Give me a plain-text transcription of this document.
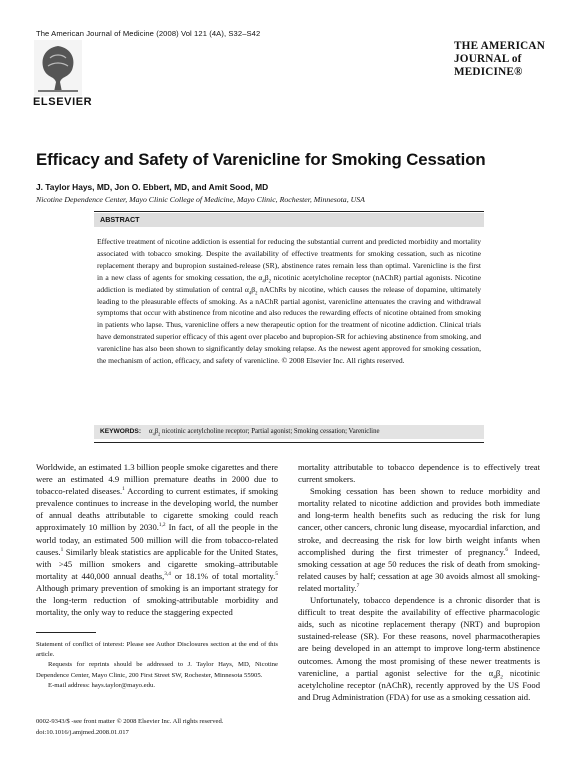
The American Journal of Medicine (2008) Vol 121 (4A), S32–S42
ELSEVIER
THE AMERICAN
JOURNAL of
MEDICINE®
Efficacy and Safety of Varenicline for Smoking Cessation
J. Taylor Hays, MD, Jon O. Ebbert, MD, and Amit Sood, MD
Nicotine Dependence Center, Mayo Clinic College of Medicine, Mayo Clinic, Rochester, Minnesota, USA
ABSTRACT
Effective treatment of nicotine addiction is essential for reducing the substantial current and predicted morbidity and mortality associated with tobacco smoking. Despite the availability of effective treatments for smoking cessation, such as nicotine replacement therapy and bupropion sustained-release (SR), abstinence rates remain less than optimal. Varenicline is the first in a new class of agents for smoking cessation, the $\alpha_4\beta_2$ nicotinic acetylcholine receptor (nAChR) partial agonists. Nicotine addiction is mediated by stimulation of central $\alpha_4\beta_2$ nAChRs by nicotine, which causes the release of dopamine, ultimately leading to the pleasurable effects of smoking. As a nAChR partial agonist, varenicline attenuates the craving and withdrawal symptoms that occur with abstinence from nicotine and also reduces the rewarding effects of nicotine obtained from smoking in patients who lapse. Thus, varenicline offers a new therapeutic option for the treatment of nicotine addiction. Clinical trials have demonstrated superior efficacy of this agent over placebo and bupropion-SR for achieving abstinence from smoking, and varenicline has also been shown to significantly delay smoking relapse. As the newest agent approved for smoking cessation, the mechanism of action, efficacy, and safety of varenicline. © 2008 Elsevier Inc. All rights reserved.
KEYWORDS: $\alpha_4\beta_2$ nicotinic acetylcholine receptor; Partial agonist; Smoking cessation; Varenicline

Worldwide, an estimated 1.3 billion people smoke cigarettes and there were an estimated 4.9 million premature deaths in 2000 due to tobacco-related diseases.$^1$ According to current estimates, if smoking prevalence continues to increase in the developing world, the number of annual deaths attributable to cigarette smoking could reach approximately 10 million by 2030.$^{1,2}$ In fact, of all the people in the world today, an estimated 500 million will die from tobacco-related causes.$^1$ Similarly bleak statistics are applicable for the United States, with >45 million smokers and cigarette smoking–attributable mortality at 440,000 annual deaths,$^{3,4}$ or 18.1% of total mortality.$^5$ Although primary prevention of smoking is an important strategy for the long-term reduction of smoking-attributable morbidity and mortality, the only way to reduce the staggering expected

mortality attributable to tobacco dependence is to effectively treat current smokers.

Smoking cessation has been shown to reduce morbidity and mortality related to nicotine addiction and provides both immediate and long-term health benefits such as reducing the risk for lung cancer, other cancers, chronic lung disease, myocardial infarction, and stroke, and decreasing the risk for low birth weight infants when accomplished during the first trimester of pregnancy.$^6$ Indeed, smoking cessation at age 50 reduces the risk of death from smoking-related causes by half; cessation at age 30 avoids almost all smoking-related mortality.$^7$

Unfortunately, tobacco dependence is a chronic disorder that is difficult to treat despite the availability of effective pharmacologic aids, such as nicotine replacement therapy (NRT) and bupropion sustained-release (SR). For these reasons, novel pharmacotherapies are being developed in an attempt to improve long-term abstinence outcomes. Among the most promising of these newer treatments is varenicline, a partial agonist selective for the $\alpha_4\beta_2$ nicotinic acetylcholine receptor (nAChR), recently approved by the US Food and Drug Administration (FDA) for use as a smoking cessation aid.

Statement of conflict of interest: Please see Author Disclosures section at the end of this article.

Requests for reprints should be addressed to J. Taylor Hays, MD, Nicotine Dependence Center, Mayo Clinic, 200 First Street SW, Rochester, Minnesota 55905.

E-mail address: hays.taylor@mayo.edu.

0002-9343/$ -see front matter © 2008 Elsevier Inc. All rights reserved.
doi:10.1016/j.amjmed.2008.01.017
